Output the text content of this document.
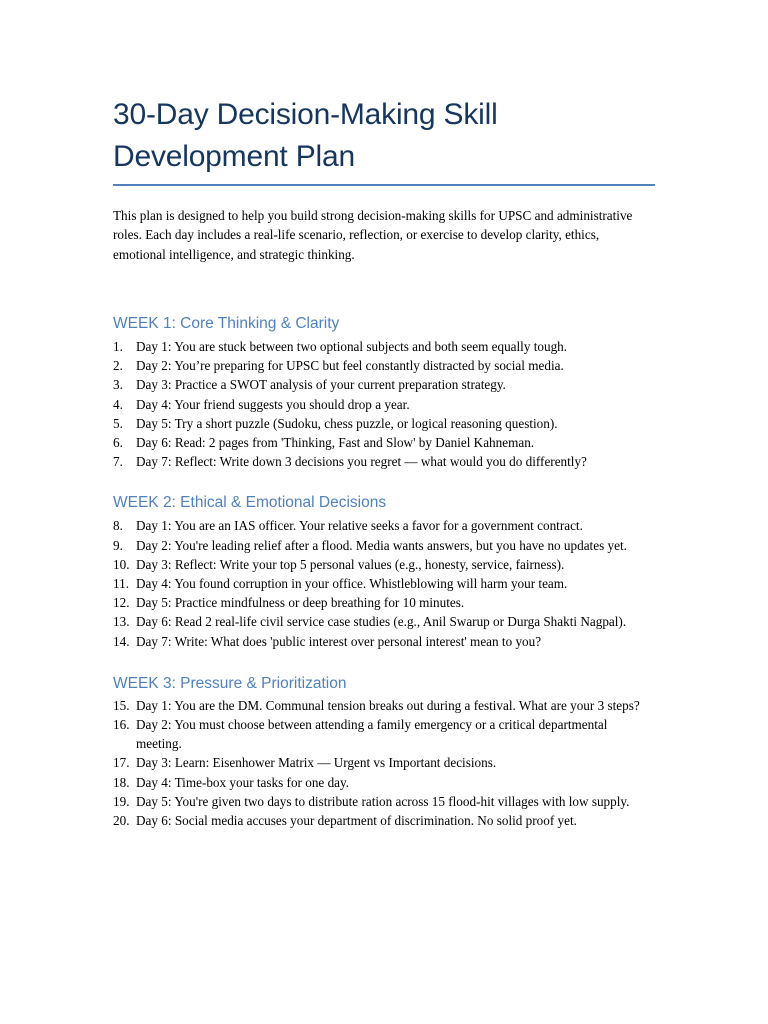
30-Day Decision-Making Skill
Development Plan

This plan is designed to help you build strong decision-making skills for UPSC and administrative roles. Each day includes a real-life scenario, reflection, or exercise to develop clarity, ethics, emotional intelligence, and strategic thinking.

WEEK 1: Core Thinking & Clarity
1. Day 1: You are stuck between two optional subjects and both seem equally tough.
2. Day 2: You’re preparing for UPSC but feel constantly distracted by social media.
3. Day 3: Practice a SWOT analysis of your current preparation strategy.
4. Day 4: Your friend suggests you should drop a year.
5. Day 5: Try a short puzzle (Sudoku, chess puzzle, or logical reasoning question).
6. Day 6: Read: 2 pages from 'Thinking, Fast and Slow' by Daniel Kahneman.
7. Day 7: Reflect: Write down 3 decisions you regret — what would you do differently?
WEEK 2: Ethical & Emotional Decisions
8. Day 1: You are an IAS officer. Your relative seeks a favor for a government contract.
9. Day 2: You're leading relief after a flood. Media wants answers, but you have no updates yet.
10. Day 3: Reflect: Write your top 5 personal values (e.g., honesty, service, fairness).
11. Day 4: You found corruption in your office. Whistleblowing will harm your team.
12. Day 5: Practice mindfulness or deep breathing for 10 minutes.
13. Day 6: Read 2 real-life civil service case studies (e.g., Anil Swarup or Durga Shakti Nagpal).
14. Day 7: Write: What does 'public interest over personal interest' mean to you?
WEEK 3: Pressure & Prioritization
15. Day 1: You are the DM. Communal tension breaks out during a festival. What are your 3 steps?
16. Day 2: You must choose between attending a family emergency or a critical departmental meeting.
17. Day 3: Learn: Eisenhower Matrix — Urgent vs Important decisions.
18. Day 4: Time-box your tasks for one day.
19. Day 5: You're given two days to distribute ration across 15 flood-hit villages with low supply.
20. Day 6: Social media accuses your department of discrimination. No solid proof yet.
